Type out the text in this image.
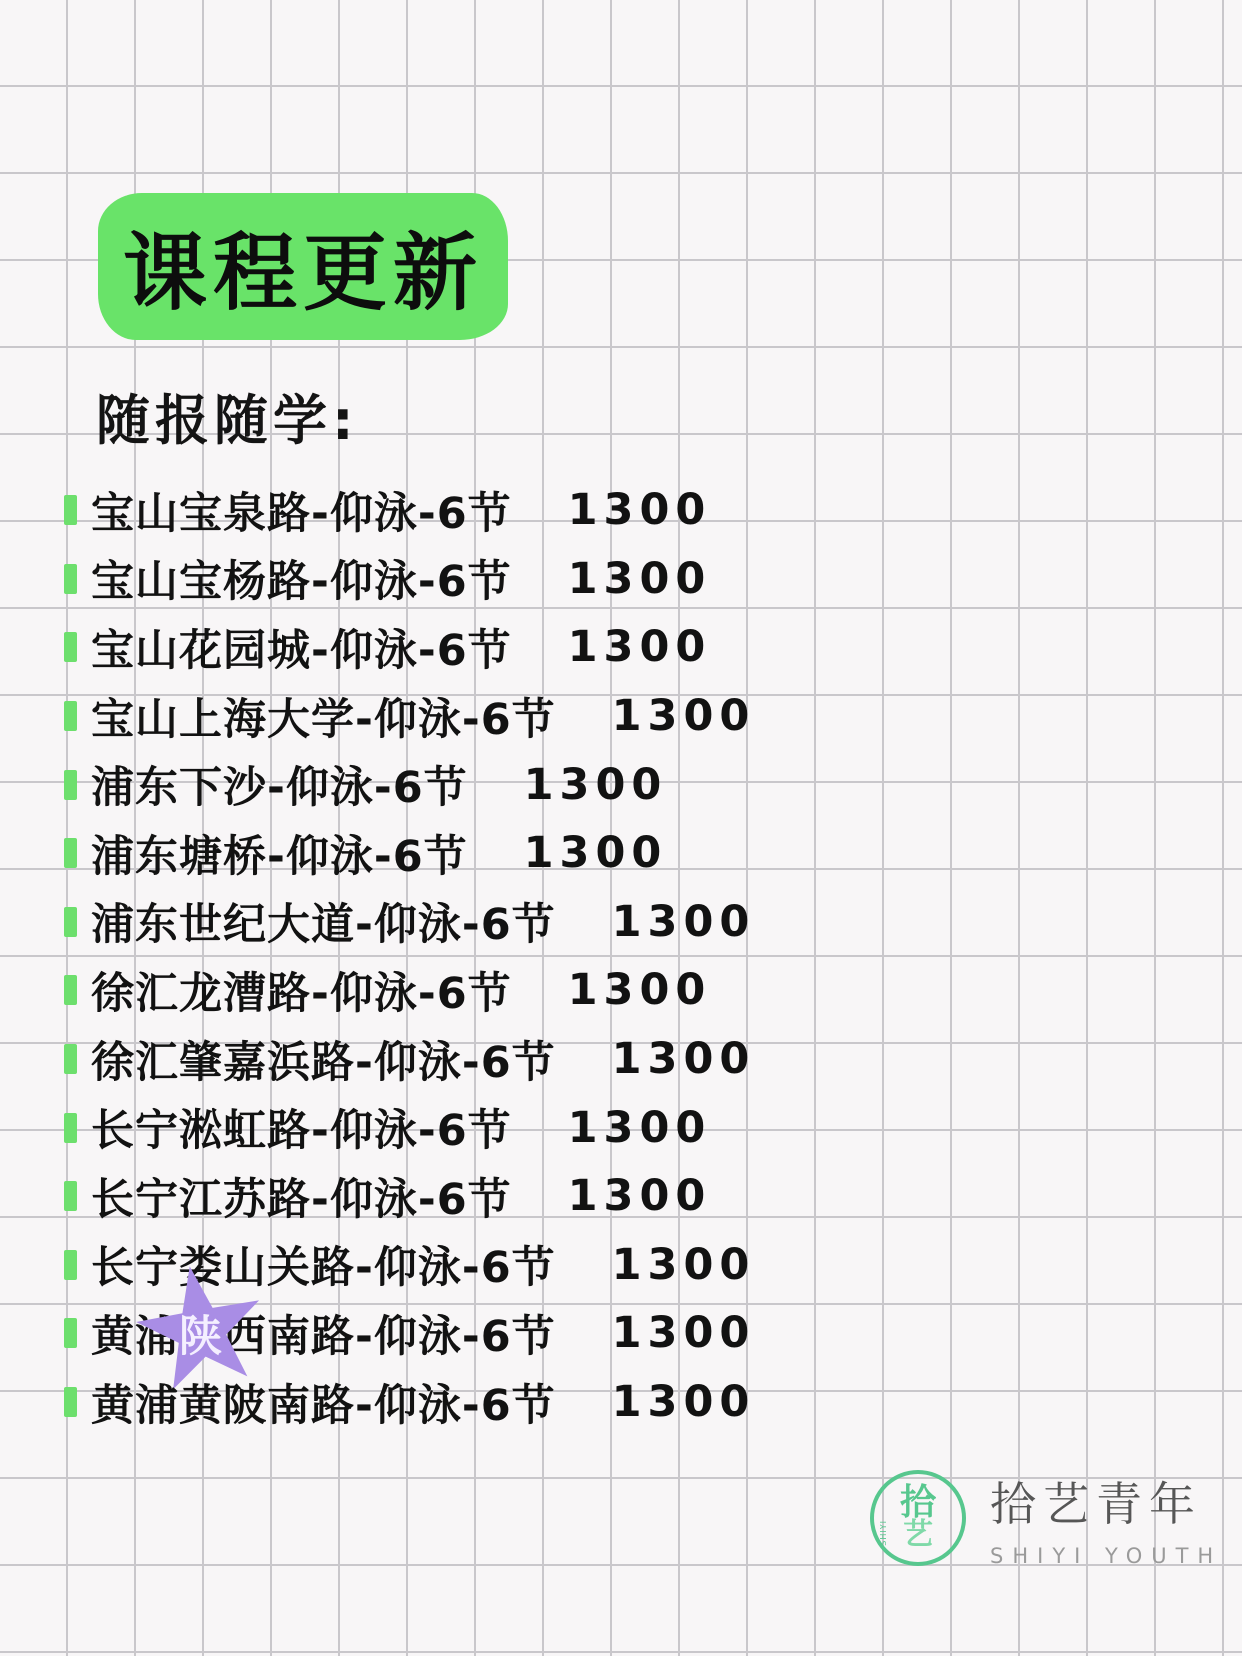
课程更新
随报随学:
宝山宝泉路-仰泳-6节 1300
宝山宝杨路-仰泳-6节 1300
宝山花园城-仰泳-6节 1300
宝山上海大学-仰泳-6节 1300
浦东下沙-仰泳-6节 1300
浦东塘桥-仰泳-6节 1300
浦东世纪大道-仰泳-6节 1300
徐汇龙漕路-仰泳-6节 1300
徐汇肇嘉浜路-仰泳-6节 1300
长宁淞虹路-仰泳-6节 1300
长宁江苏路-仰泳-6节 1300
长宁娄山关路-仰泳-6节 1300
黄浦陕西南路-仰泳-6节 1300
黄浦黄陂南路-仰泳-6节 1300
拾
艺
SHIYI
拾艺青年
SHIYI YOUTH
